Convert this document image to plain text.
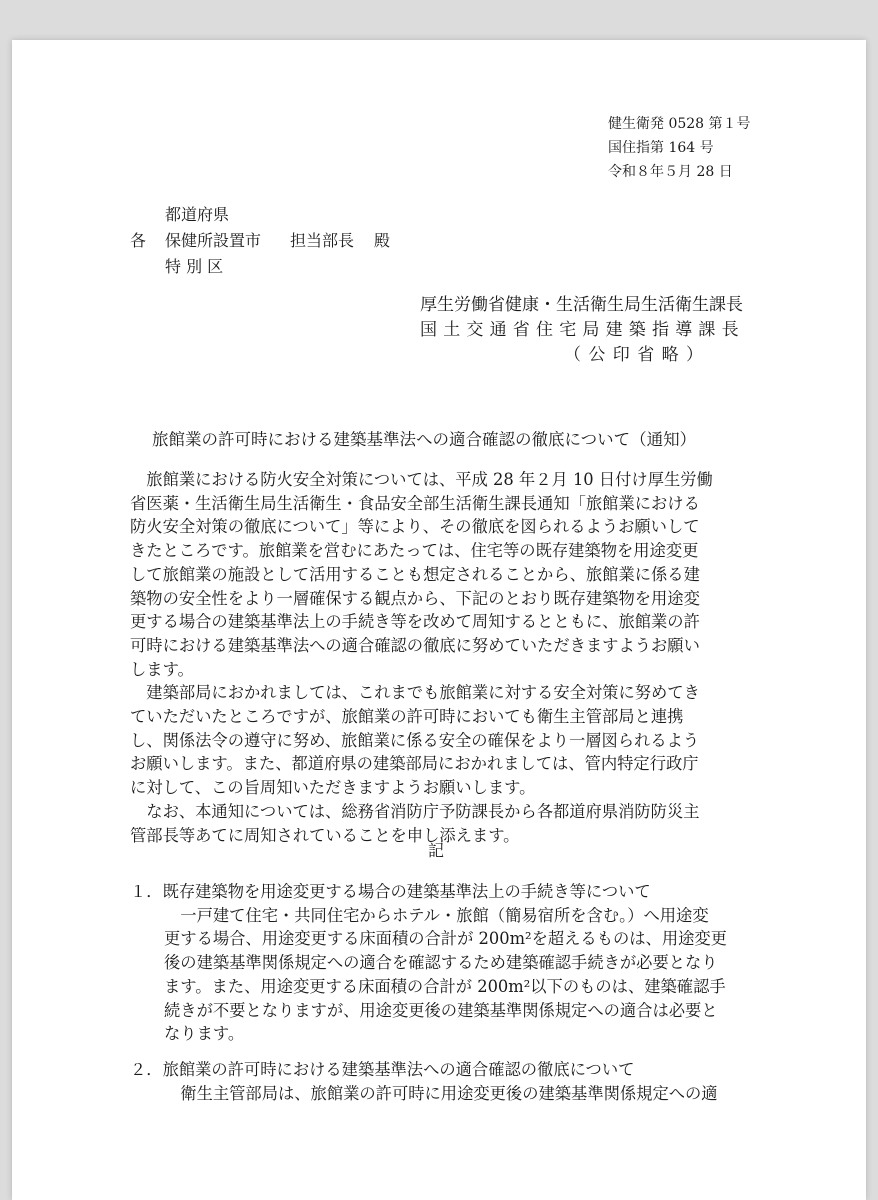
健生衛発 0528 第１号
国住指第 164 号
令和８年５月 28 日
都道府県
各 保健所設置市 担当部長 殿
特 別 区
厚生労働省健康・生活衛生局生活衛生課長
国土交通省住宅局建築指導課長
（ 公 印 省 略 ）
旅館業の許可時における建築基準法への適合確認の徹底について（通知）
　旅館業における防火安全対策については、平成 28 年２月 10 日付け厚生労働
省医薬・生活衛生局生活衛生・食品安全部生活衛生課長通知「旅館業における
防火安全対策の徹底について」等により、その徹底を図られるようお願いして
きたところです。旅館業を営むにあたっては、住宅等の既存建築物を用途変更
して旅館業の施設として活用することも想定されることから、旅館業に係る建
築物の安全性をより一層確保する観点から、下記のとおり既存建築物を用途変
更する場合の建築基準法上の手続き等を改めて周知するとともに、旅館業の許
可時における建築基準法への適合確認の徹底に努めていただきますようお願い
します。
　建築部局におかれましては、これまでも旅館業に対する安全対策に努めてき
ていただいたところですが、旅館業の許可時においても衛生主管部局と連携
し、関係法令の遵守に努め、旅館業に係る安全の確保をより一層図られるよう
お願いします。また、都道府県の建築部局におかれましては、管内特定行政庁
に対して、この旨周知いただきますようお願いします。
　なお、本通知については、総務省消防庁予防課長から各都道府県消防防災主
管部長等あてに周知されていることを申し添えます。
記
１．既存建築物を用途変更する場合の建築基準法上の手続き等について
　一戸建て住宅・共同住宅からホテル・旅館（簡易宿所を含む。）へ用途変
更する場合、用途変更する床面積の合計が 200m²を超えるものは、用途変更
後の建築基準関係規定への適合を確認するため建築確認手続きが必要となり
ます。また、用途変更する床面積の合計が 200m²以下のものは、建築確認手
続きが不要となりますが、用途変更後の建築基準関係規定への適合は必要と
なります。
２．旅館業の許可時における建築基準法への適合確認の徹底について
　衛生主管部局は、旅館業の許可時に用途変更後の建築基準関係規定への適
